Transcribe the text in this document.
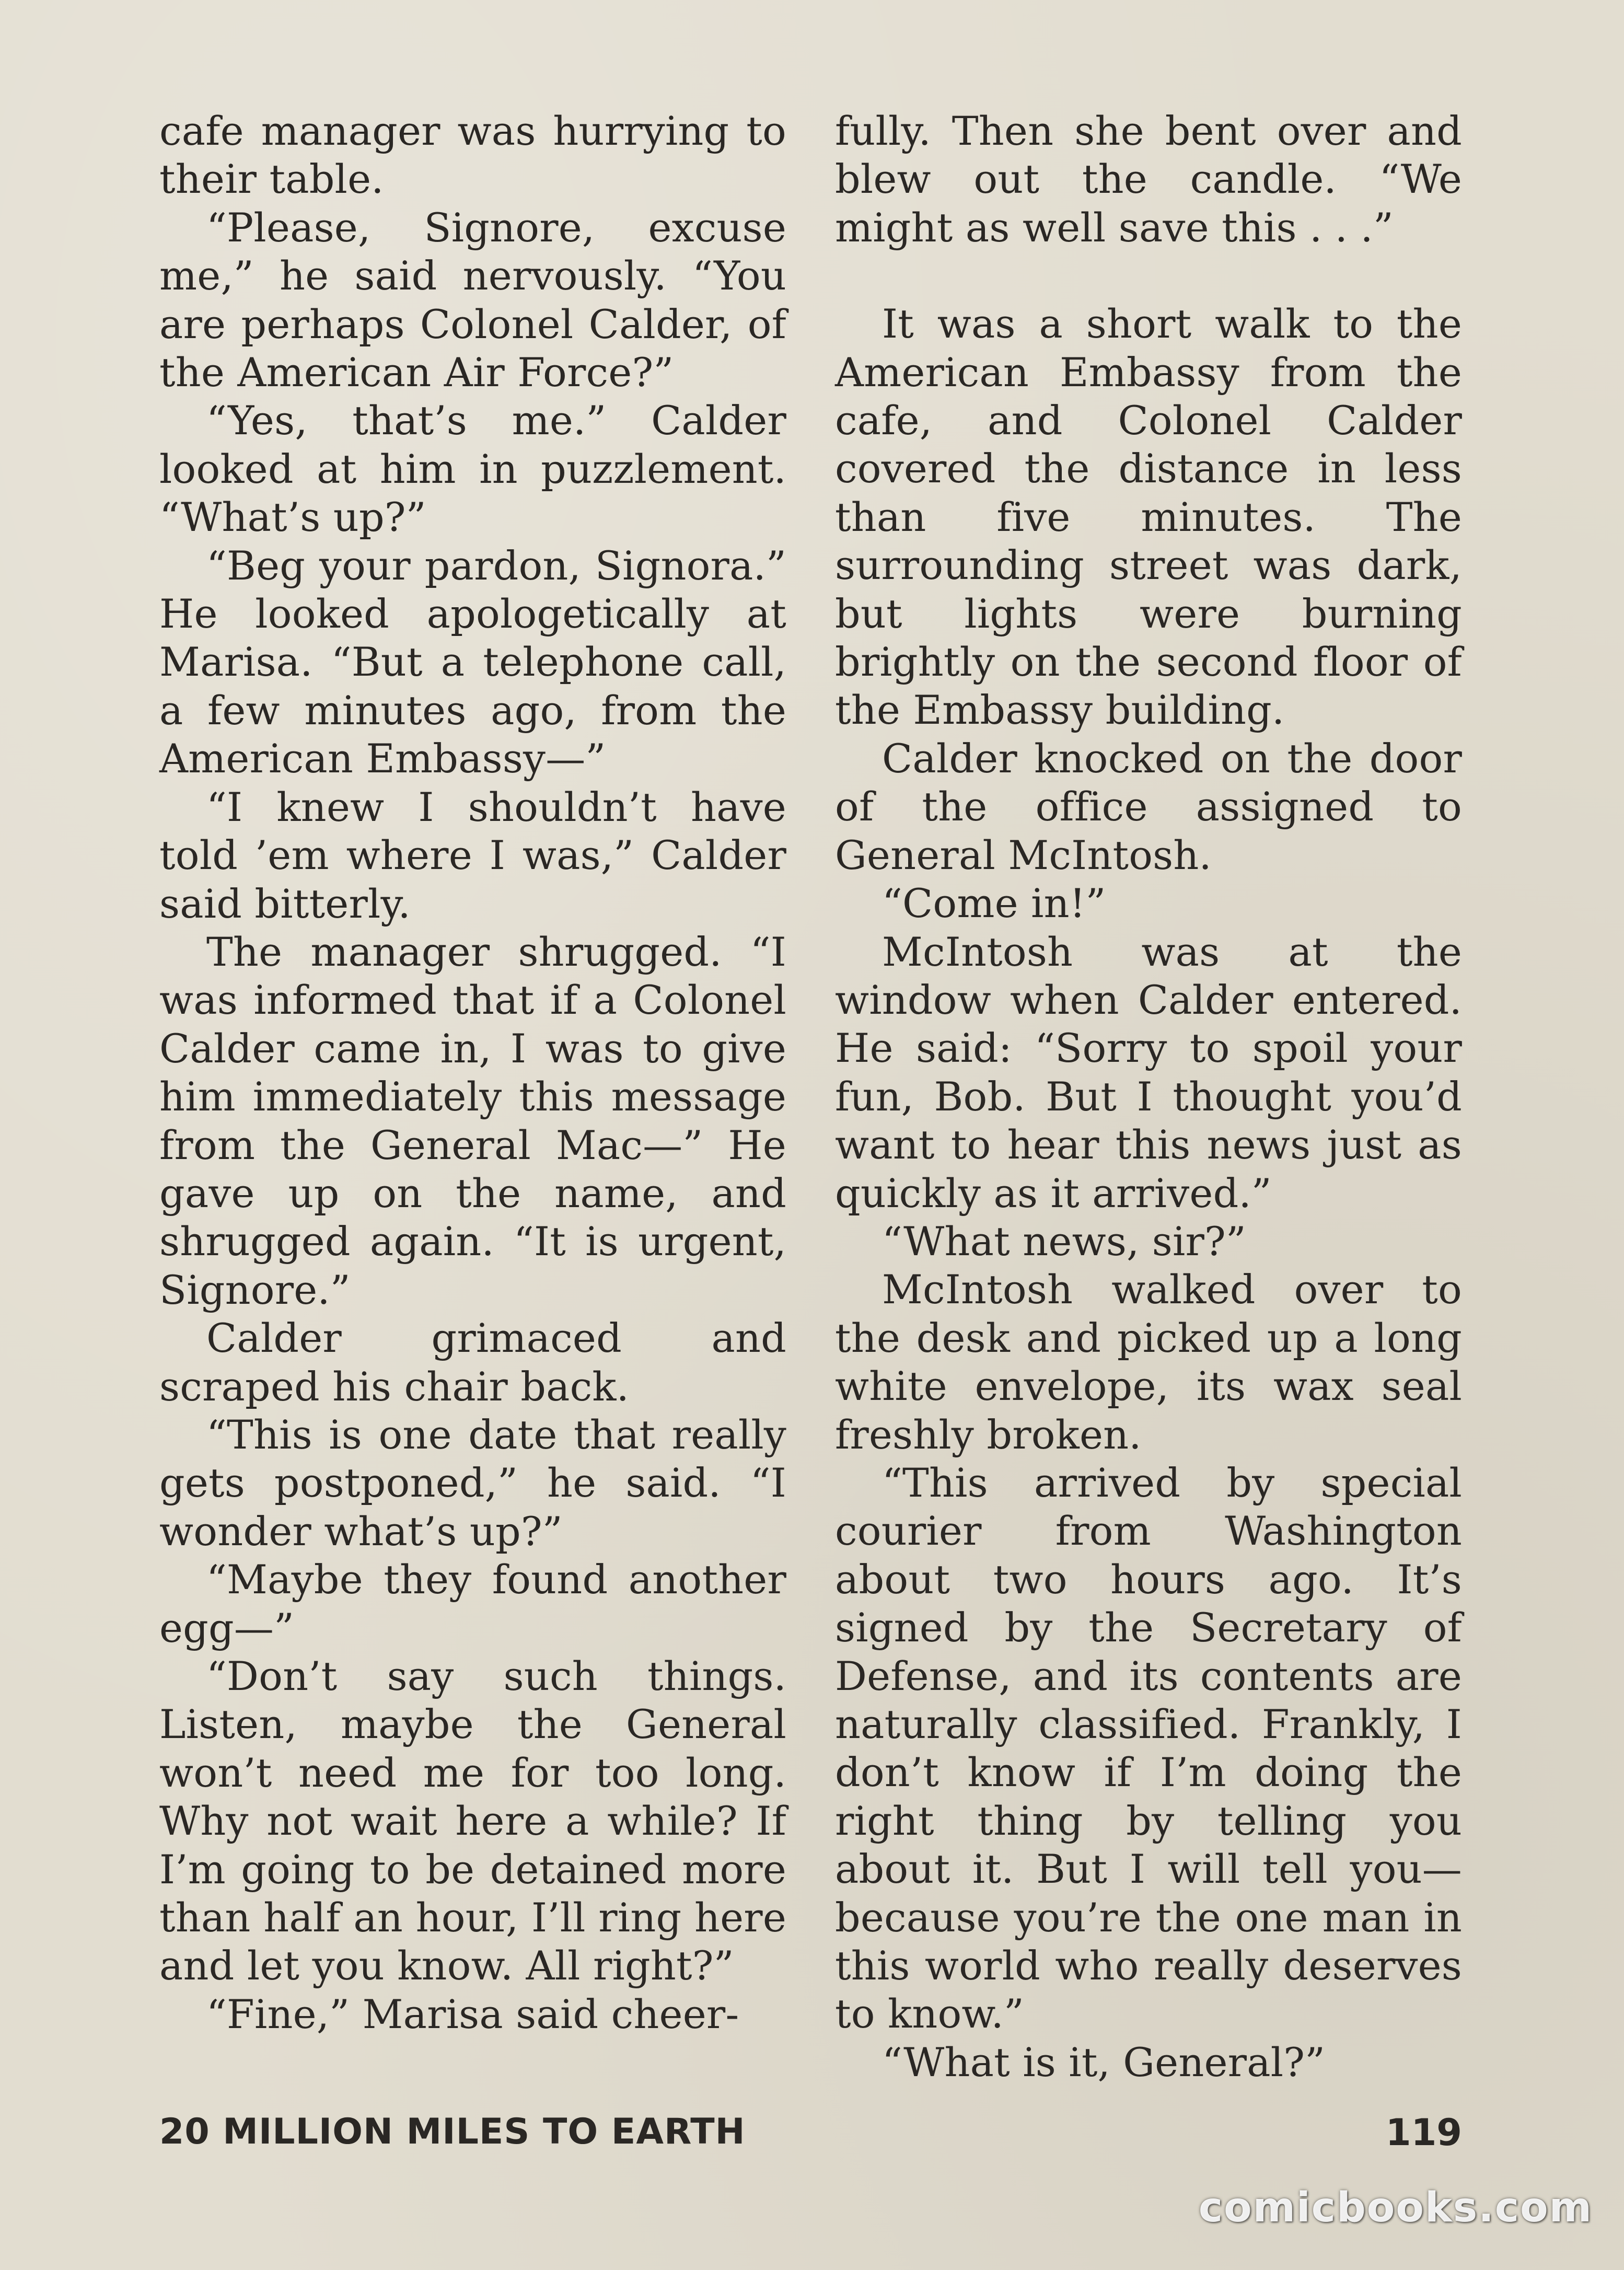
cafe manager was hurrying to their table.

“Please, Signore, excuse me,” he said nervously. “You are perhaps Colonel Calder, of the American Air Force?”

“Yes, that’s me.” Calder looked at him in puzzlement. “What’s up?”

“Beg your pardon, Signora.” He looked apologetically at Marisa. “But a telephone call, a few minutes ago, from the American Embassy—”

“I knew I shouldn’t have told ’em where I was,” Calder said bitterly.

The manager shrugged. “I was informed that if a Colonel Calder came in, I was to give him immediately this message from the General Mac—” He gave up on the name, and shrugged again. “It is urgent, Signore.”

Calder grimaced and scraped his chair back.

“This is one date that really gets postponed,” he said. “I wonder what’s up?”

“Maybe they found another egg—”

“Don’t say such things. Listen, maybe the General won’t need me for too long. Why not wait here a while? If I’m going to be detained more than half an hour, I’ll ring here and let you know. All right?”

“Fine,” Marisa said cheer-

fully. Then she bent over and blew out the candle. “We might as well save this . . .”

It was a short walk to the American Embassy from the cafe, and Colonel Calder covered the distance in less than five minutes. The surrounding street was dark, but lights were burning brightly on the second floor of the Embassy building.

Calder knocked on the door of the office assigned to General McIntosh.

“Come in!”

McIntosh was at the window when Calder entered. He said: “Sorry to spoil your fun, Bob. But I thought you’d want to hear this news just as quickly as it arrived.”

“What news, sir?”

McIntosh walked over to the desk and picked up a long white envelope, its wax seal freshly broken.

“This arrived by special courier from Washington about two hours ago. It’s signed by the Secretary of Defense, and its contents are naturally classified. Frankly, I don’t know if I’m doing the right thing by telling you about it. But I will tell you—because you’re the one man in this world who really deserves to know.”

“What is it, General?”

20 MILLION MILES TO EARTH	119
comicbooks.com
